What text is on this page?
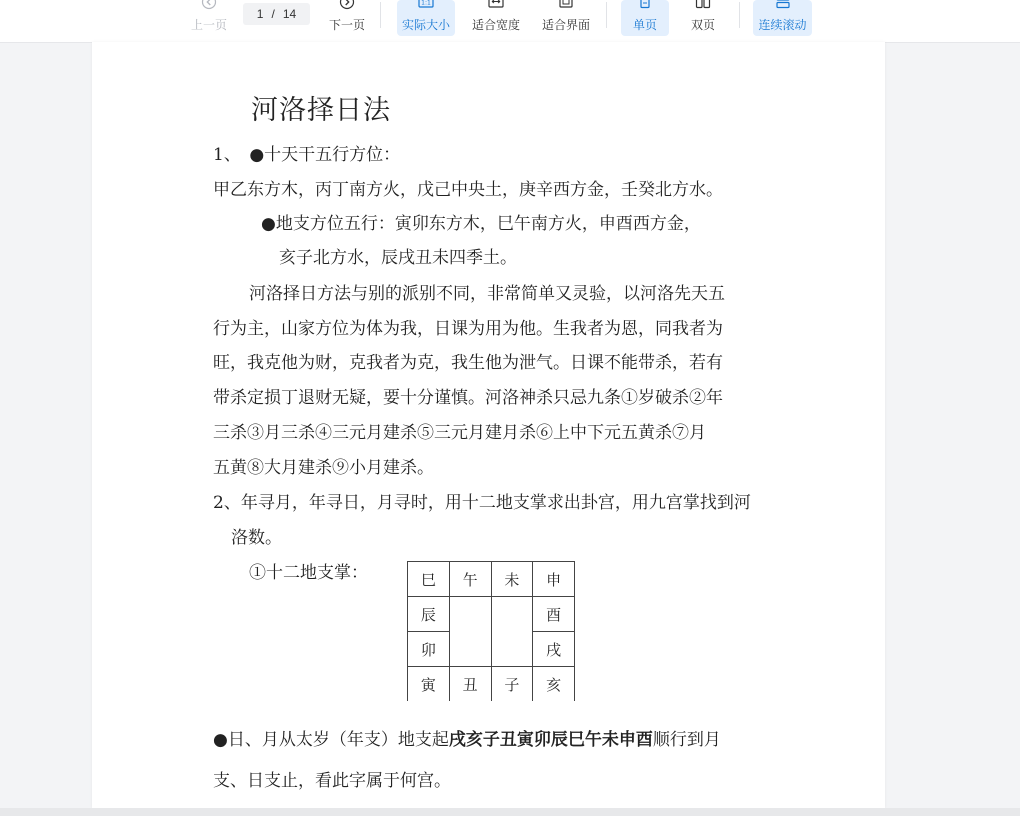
上一页
1 / 14
下一页
1:1
实际大小 适合宽度 适合界面	单页	双页	连续滚动
河洛择日法
1、　●十天干五行方位：
甲乙东方木，丙丁南方火，戊己中央土，庚辛西方金，壬癸北方水。
●地支方位五行：寅卯东方木，巳午南方火，申酉西方金，
亥子北方水，辰戌丑未四季土。
河洛择日方法与别的派别不同，非常简单又灵验，以河洛先天五
行为主，山家方位为体为我，日课为用为他。生我者为恩，同我者为
旺，我克他为财，克我者为克，我生他为泄气。日课不能带杀，若有
带杀定损丁退财无疑，要十分谨慎。河洛神杀只忌九条①岁破杀②年
三杀③月三杀④三元月建杀⑤三元月建月杀⑥上中下元五黄杀⑦月
五黄⑧大月建杀⑨小月建杀。
2、年寻月，年寻日，月寻时，用十二地支掌求出卦宫，用九宫掌找到河
洛数。
①十二地支掌：	巳	午	未	申
辰			酉
卯			戌
寅	丑	子	亥
●日、月从太岁（年支）地支起戌亥子丑寅卯辰巳午未申酉顺行到月
支、日支止，看此字属于何宫。
